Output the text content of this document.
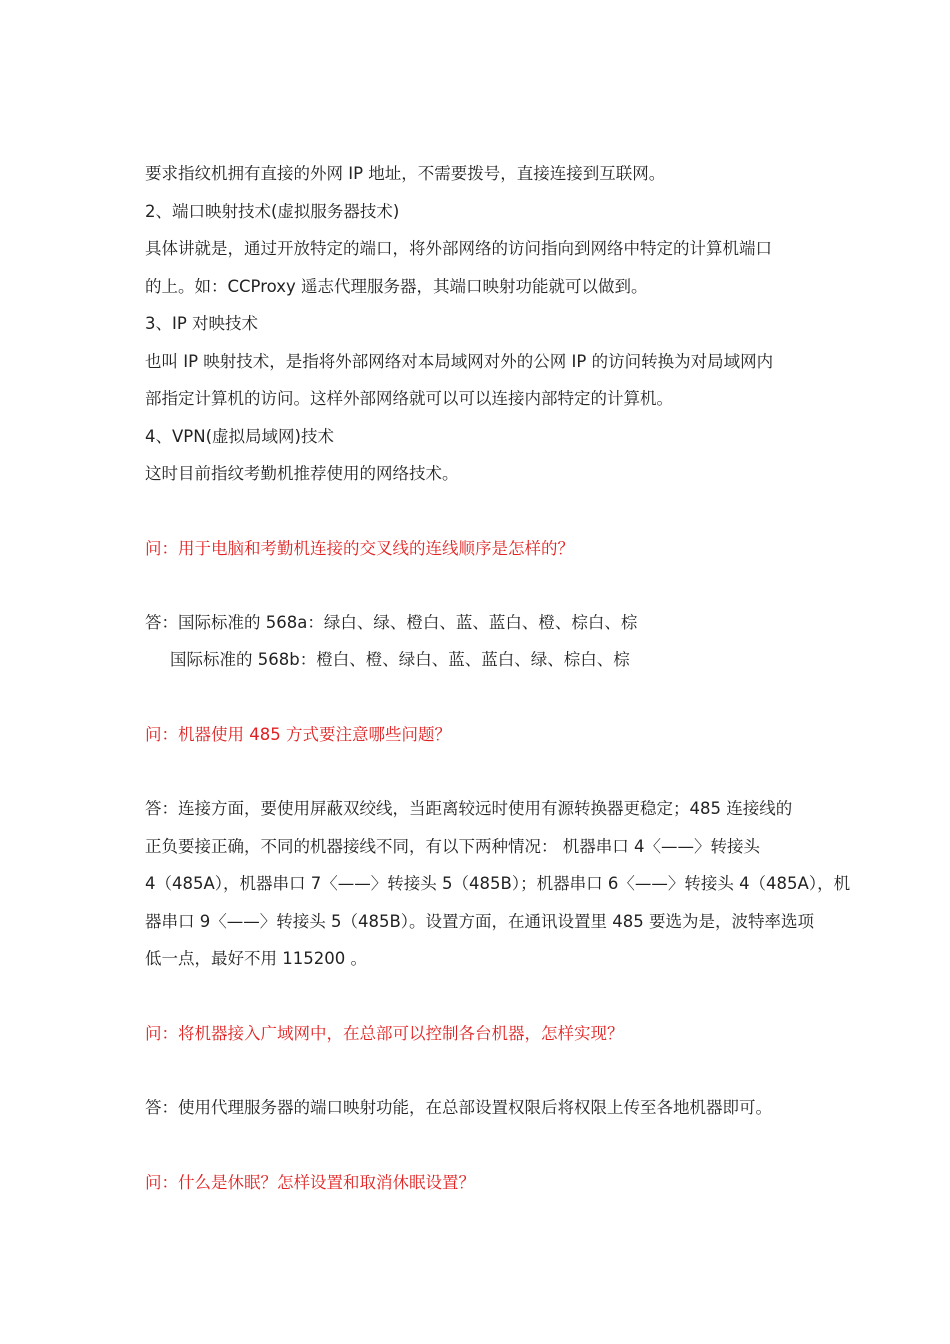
要求指纹机拥有直接的外网 IP 地址，不需要拨号，直接连接到互联网。
2、端口映射技术(虚拟服务器技术)
具体讲就是，通过开放特定的端口，将外部网络的访问指向到网络中特定的计算机端口
的上。如：CCProxy 遥志代理服务器，其端口映射功能就可以做到。
3、IP 对映技术
也叫 IP 映射技术，是指将外部网络对本局域网对外的公网 IP 的访问转换为对局域网内
部指定计算机的访问。这样外部网络就可以可以连接内部特定的计算机。
4、VPN(虚拟局域网)技术
这时目前指纹考勤机推荐使用的网络技术。
问：用于电脑和考勤机连接的交叉线的连线顺序是怎样的？
答：国际标准的 568a：绿白、绿、橙白、蓝、蓝白、橙、棕白、棕
国际标准的 568b：橙白、橙、绿白、蓝、蓝白、绿、棕白、棕
问：机器使用 485 方式要注意哪些问题？
答：连接方面，要使用屏蔽双绞线，当距离较远时使用有源转换器更稳定；485 连接线的
正负要接正确，不同的机器接线不同，有以下两种情况： 机器串口 4〈——〉转接头
4（485A），机器串口 7〈——〉转接头 5（485B）；机器串口 6〈——〉转接头 4（485A），机
器串口 9〈——〉转接头 5（485B）。设置方面，在通讯设置里 485 要选为是，波特率选项
低一点，最好不用 115200 。
问：将机器接入广域网中，在总部可以控制各台机器，怎样实现？
答：使用代理服务器的端口映射功能，在总部设置权限后将权限上传至各地机器即可。
问：什么是休眠？怎样设置和取消休眠设置？
